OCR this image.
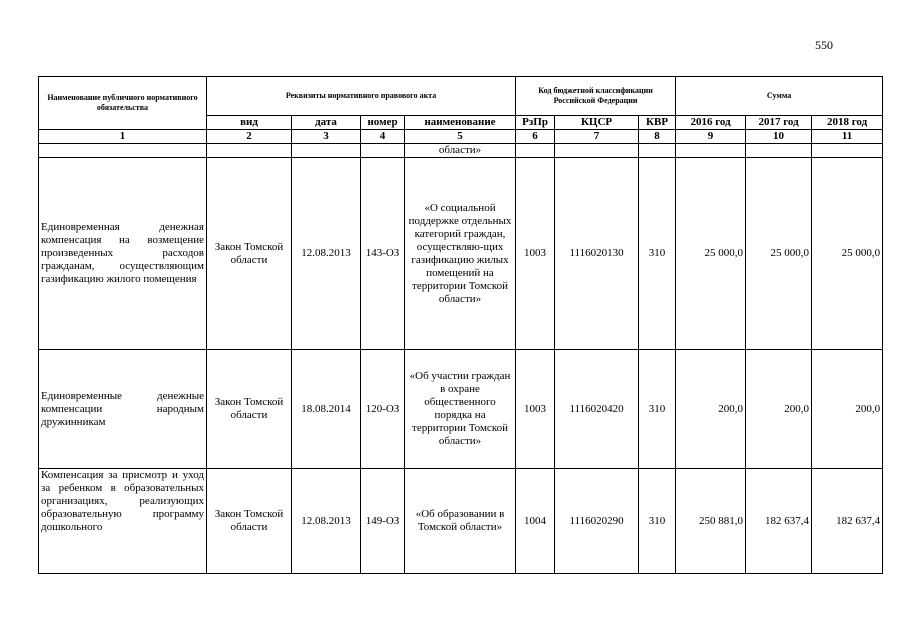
550
Наименование публичного нормативного обязательства	Реквизиты нормативного правового акта				Код бюджетной классификации Российской Федерации			Сумма		
	вид	дата	номер	наименование	РзПр	КЦСР	КВР	2016 год	2017 год	2018 год
1	2	3	4	5	6	7	8	9	10	11
				области»						
Единовременная денежная компенсация на возмещение произведенных расходов гражданам, осуществляющим газификацию жилого помещения	Закон Томской области	12.08.2013	143-ОЗ	«О социальной поддержке отдельных категорий граждан, осуществляю-щих газификацию жилых помещений на территории Томской области»	1003	1116020130	310	25 000,0	25 000,0	25 000,0
Единовременные денежные компенсации народным дружинникам	Закон Томской области	18.08.2014	120-ОЗ	«Об участии граждан в охране общественного порядка на территории Томской области»	1003	1116020420	310	200,0	200,0	200,0
Компенсация за присмотр и уход за ребенком в образовательных организациях, реализующих образовательную программу дошкольного	Закон Томской области	12.08.2013	149-ОЗ	«Об образовании в Томской области»	1004	1116020290	310	250 881,0	182 637,4	182 637,4
